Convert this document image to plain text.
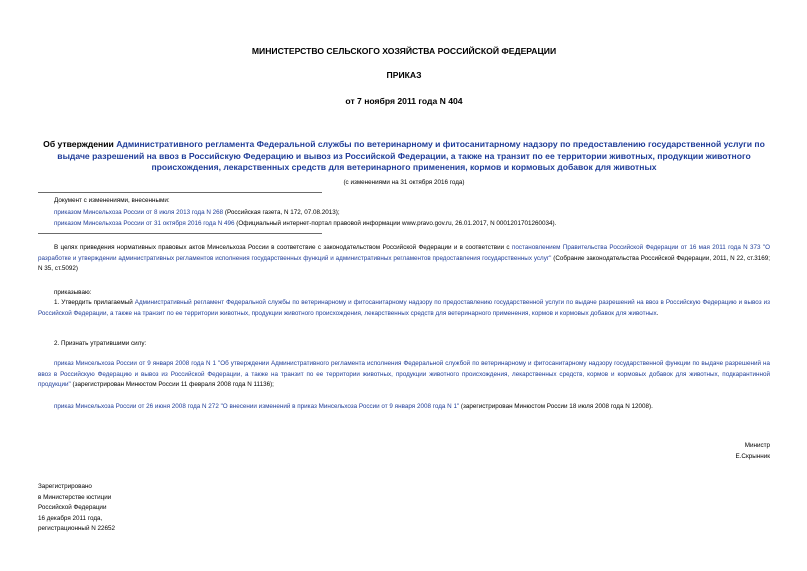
МИНИСТЕРСТВО СЕЛЬСКОГО ХОЗЯЙСТВА РОССИЙСКОЙ ФЕДЕРАЦИИ
ПРИКАЗ
от 7 ноября 2011 года N 404
Об утверждении Административного регламента Федеральной службы по ветеринарному и фитосанитарному надзору по предоставлению государственной услуги по выдаче разрешений на ввоз в Российскую Федерацию и вывоз из Российской Федерации, а также на транзит по ее территории животных, продукции животного происхождения, лекарственных средств для ветеринарного применения, кормов и кормовых добавок для животных
(с изменениями на 31 октября 2016 года)
Документ с изменениями, внесенными:
приказом Минсельхоза России от 8 июля 2013 года N 268 (Российская газета, N 172, 07.08.2013);
приказом Минсельхоза России от 31 октября 2016 года N 496 (Официальный интернет-портал правовой информации www.pravo.gov.ru, 26.01.2017, N 0001201701260034).
В целях приведения нормативных правовых актов Минсельхоза России в соответствие с законодательством Российской Федерации и в соответствии с постановлением Правительства Российской Федерации от 16 мая 2011 года N 373 "О разработке и утверждении административных регламентов исполнения государственных функций и административных регламентов предоставления государственных услуг" (Собрание законодательства Российской Федерации, 2011, N 22, ст.3169; N 35, ст.5092)
приказываю:
1. Утвердить прилагаемый Административный регламент Федеральной службы по ветеринарному и фитосанитарному надзору по предоставлению государственной услуги по выдаче разрешений на ввоз в Российскую Федерацию и вывоз из Российской Федерации, а также на транзит по ее территории животных, продукции животного происхождения, лекарственных средств для ветеринарного применения, кормов и кормовых добавок для животных.
2. Признать утратившими силу:
приказ Минсельхоза России от 9 января 2008 года N 1 "Об утверждении Административного регламента исполнения Федеральной службой по ветеринарному и фитосанитарному надзору государственной функции по выдаче разрешений на ввоз в Российскую Федерацию и вывоз из Российской Федерации, а также на транзит по ее территории животных, продукции животного происхождения, лекарственных средств, кормов и кормовых добавок для животных, подкарантинной продукции" (зарегистрирован Минюстом России 11 февраля 2008 года N 11136);
приказ Минсельхоза России от 26 июня 2008 года N 272 "О внесении изменений в приказ Минсельхоза России от 9 января 2008 года N 1" (зарегистрирован Минюстом России 18 июля 2008 года N 12008).
Министр
Е.Скрынник
Зарегистрировано
в Министерстве юстиции
Российской Федерации
16 декабря 2011 года,
регистрационный N 22652
